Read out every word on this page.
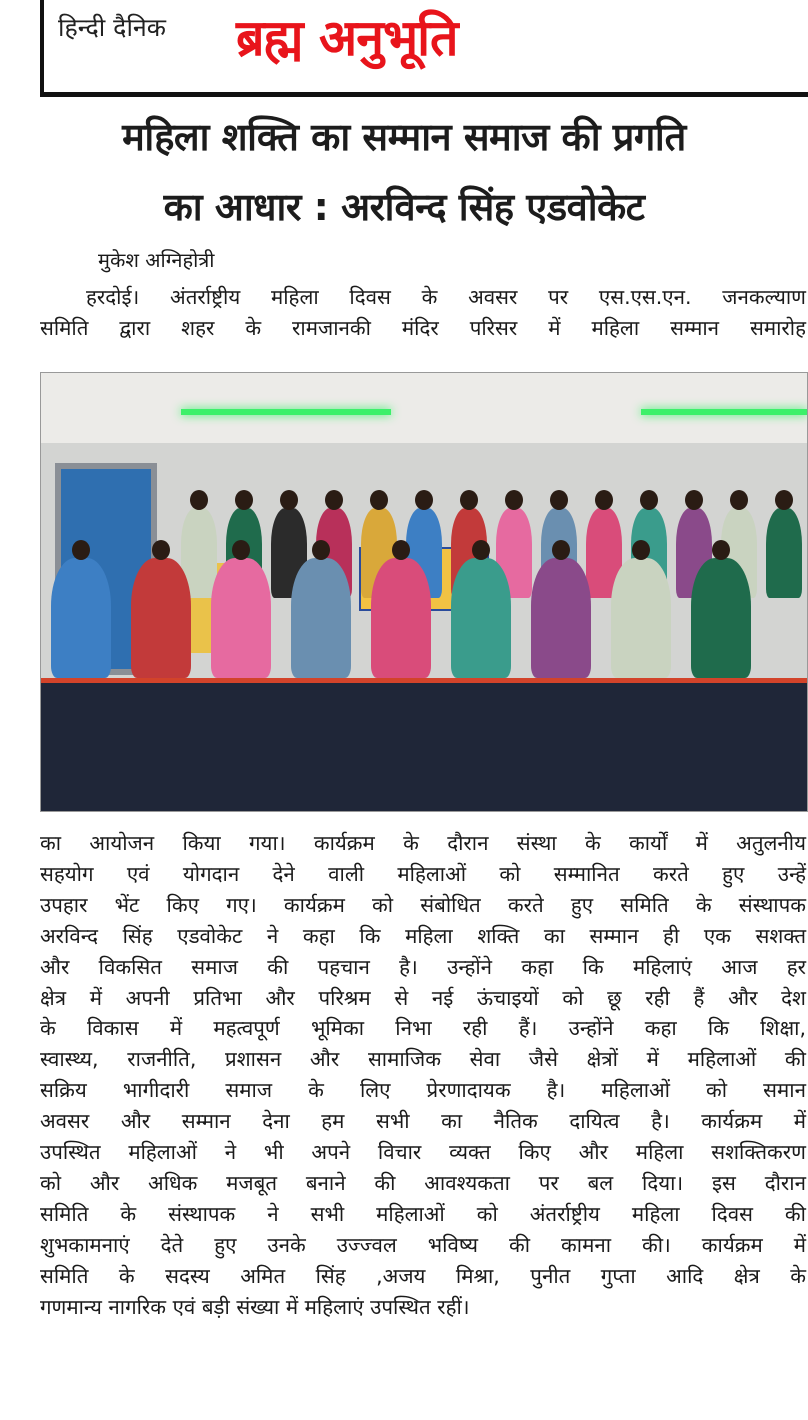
हिन्दी दैनिक ब्रह्म अनुभूति
महिला शक्ति का सम्मान समाज की प्रगति
का आधार : अरविन्द सिंह एडवोकेट
मुकेश अग्निहोत्री
हरदोई। अंतर्राष्ट्रीय महिला दिवस के अवसर पर एस.एस.एन. जनकल्याण
समिति द्वारा शहर के रामजानकी मंदिर परिसर में महिला सम्मान समारोह
का आयोजन किया गया। कार्यक्रम के दौरान संस्था के कार्यों में अतुलनीय
सहयोग एवं योगदान देने वाली महिलाओं को सम्मानित करते हुए उन्हें
उपहार भेंट किए गए। कार्यक्रम को संबोधित करते हुए समिति के संस्थापक
अरविन्द सिंह एडवोकेट ने कहा कि महिला शक्ति का सम्मान ही एक सशक्त
और विकसित समाज की पहचान है। उन्होंने कहा कि महिलाएं आज हर
क्षेत्र में अपनी प्रतिभा और परिश्रम से नई ऊंचाइयों को छू रही हैं और देश
के विकास में महत्वपूर्ण भूमिका निभा रही हैं। उन्होंने कहा कि शिक्षा,
स्वास्थ्य, राजनीति, प्रशासन और सामाजिक सेवा जैसे क्षेत्रों में महिलाओं की
सक्रिय भागीदारी समाज के लिए प्रेरणादायक है। महिलाओं को समान
अवसर और सम्मान देना हम सभी का नैतिक दायित्व है। कार्यक्रम में
उपस्थित महिलाओं ने भी अपने विचार व्यक्त किए और महिला सशक्तिकरण
को और अधिक मजबूत बनाने की आवश्यकता पर बल दिया। इस दौरान
समिति के संस्थापक ने सभी महिलाओं को अंतर्राष्ट्रीय महिला दिवस की
शुभकामनाएं देते हुए उनके उज्ज्वल भविष्य की कामना की। कार्यक्रम में
समिति के सदस्य अमित सिंह ,अजय मिश्रा, पुनीत गुप्ता आदि क्षेत्र के
गणमान्य नागरिक एवं बड़ी संख्या में महिलाएं उपस्थित रहीं।
